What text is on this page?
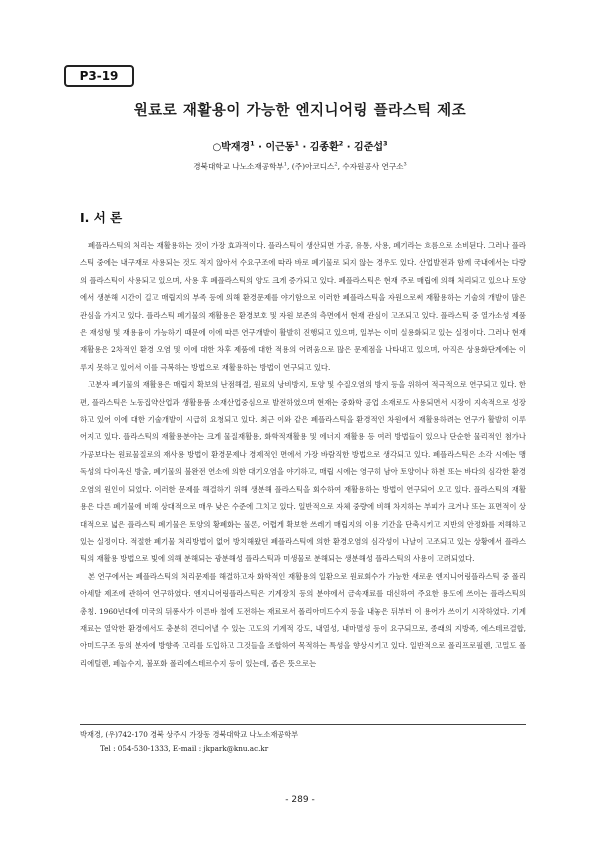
P3-19
원료로 재활용이 가능한 엔지니어링 플라스틱 제조
○박재경$^1$ · 이근동$^1$ · 김종환$^2$ · 김준섭$^3$
경북대학교 나노소재공학부$^1$, (주)아코디스$^2$, 수자원공사 연구소$^3$
I. 서 론

폐플라스틱의 처리는 재활용하는 것이 가장 효과적이다. 플라스틱이 생산되면 가공, 유통, 사용, 폐기라는 흐름으로 소비된다. 그러나 플라스틱 중에는 내구재로 사용되는 것도 적지 않아서 수요구조에 따라 바로 폐기물로 되지 않는 경우도 있다. 산업발전과 함께 국내에서는 다량의 플라스틱이 사용되고 있으며, 사용 후 폐플라스틱의 양도 크게 증가되고 있다. 폐플라스틱은 현재 주로 매립에 의해 처리되고 있으나 토양에서 생분해 시간이 길고 매립지의 부족 등에 의해 환경문제를 야기함으로 이러한 폐플라스틱을 자원으로써 재활용하는 기술의 개발이 많은 관심을 가지고 있다. 플라스틱 폐기물의 재활용은 환경보호 및 자원 보존의 측면에서 현재 관심이 고조되고 있다. 플라스틱 중 열가소성 제품은 재성형 및 재용융이 가능하기 때문에 이에 따른 연구개발이 활발히 진행되고 있으며, 일부는 이미 실용화되고 있는 실정이다. 그러나 현재 재활용은 2차적인 환경 오염 및 이에 대한 차후 제품에 대한 적용의 어려움으로 많은 문제점을 나타내고 있으며, 아직은 상용화단계에는 이루지 못하고 있어서 이를 극복하는 방법으로 재활용하는 방법이 연구되고 있다.

고분자 폐기물의 재활용은 매립지 확보의 난점해결, 원료의 낭비방지, 토양 및 수질오염의 방지 등을 위하여 적극적으로 연구되고 있다. 한편, 플라스틱은 노동집약산업과 생활용품 소재산업중심으로 발전하였으며 현재는 중화학 공업 소재로도 사용되면서 시장이 지속적으로 성장하고 있어 이에 대한 기술개발이 시급히 요청되고 있다. 최근 이와 같은 폐플라스틱을 환경적인 차원에서 재활용하려는 연구가 활발히 이루어지고 있다. 플라스틱의 재활용분야는 크게 물질재활용, 화학적재활용 및 에너지 재활용 등 여러 방법들이 있으나 단순한 물리적인 첨가나 가공보다는 원료물질로의 재사용 방법이 환경문제나 경제적인 면에서 가장 바람직한 방법으로 생각되고 있다. 폐플라스틱은 소각 시에는 맹독성의 다이옥신 방출, 폐기물의 불완전 연소에 의한 대기오염을 야기하고, 매립 시에는 영구히 남아 토양이나 하천 또는 바다의 심각한 환경오염의 원인이 되었다. 이러한 문제를 해결하기 위해 생분해 플라스틱을 회수하여 재활용하는 방법이 연구되어 오고 있다. 플라스틱의 재활용은 다른 폐기물에 비해 상대적으로 매우 낮은 수준에 그치고 있다. 일반적으로 자체 중량에 비해 차지하는 부피가 크거나 또는 표면적이 상대적으로 넓은 플라스틱 폐기물은 토양의 황폐화는 물론, 어렵게 확보한 쓰레기 매립지의 이용 기간을 단축시키고 지반의 안정화를 저해하고 있는 실정이다. 적절한 폐기물 처리방법이 없어 방치해왔던 폐플라스틱에 의한 환경오염의 심각성이 나날이 고조되고 있는 상황에서 플라스틱의 재활용 방법으로 빛에 의해 분해되는 광분해성 플라스틱과 미생물로 분해되는 생분해성 플라스틱의 사용이 고려되었다.

본 연구에서는 폐플라스틱의 처리문제를 해결하고자 화학적인 재활용의 일환으로 원료회수가 가능한 새로운 엔지니어링플라스틱 중 폴리아세탈 제조에 관하여 연구하였다. 엔지니어링플라스틱은 기계장치 등의 분야에서 금속재료를 대신하여 주요한 용도에 쓰이는 플라스틱의 총칭. 1960년대에 미국의 뒤퐁사가 이른바 철에 도전하는 재료로서 폴리아미드수지 등을 내놓은 뒤부터 이 용어가 쓰이기 시작하였다. 기계재료는 열악한 환경에서도 충분히 견디어낼 수 있는 고도의 기계적 강도, 내열성, 내마멸성 등이 요구되므로, 종래의 지방족, 에스테르결합, 아미드구조 등의 분자에 방향족 고리를 도입하고 그것들을 조합하여 목적하는 특성을 향상시키고 있다. 일반적으로 폴리프로필렌, 고밀도 폴리에틸렌, 페놀수지, 불포화 폴리에스테르수지 등이 있는데, 좁은 뜻으로는

박재경, (우)742-170 경북 상주시 가장동 경북대학교 나노소재공학부
Tel : 054-530-1333, E-mail : jkpark@knu.ac.kr
- 289 -
